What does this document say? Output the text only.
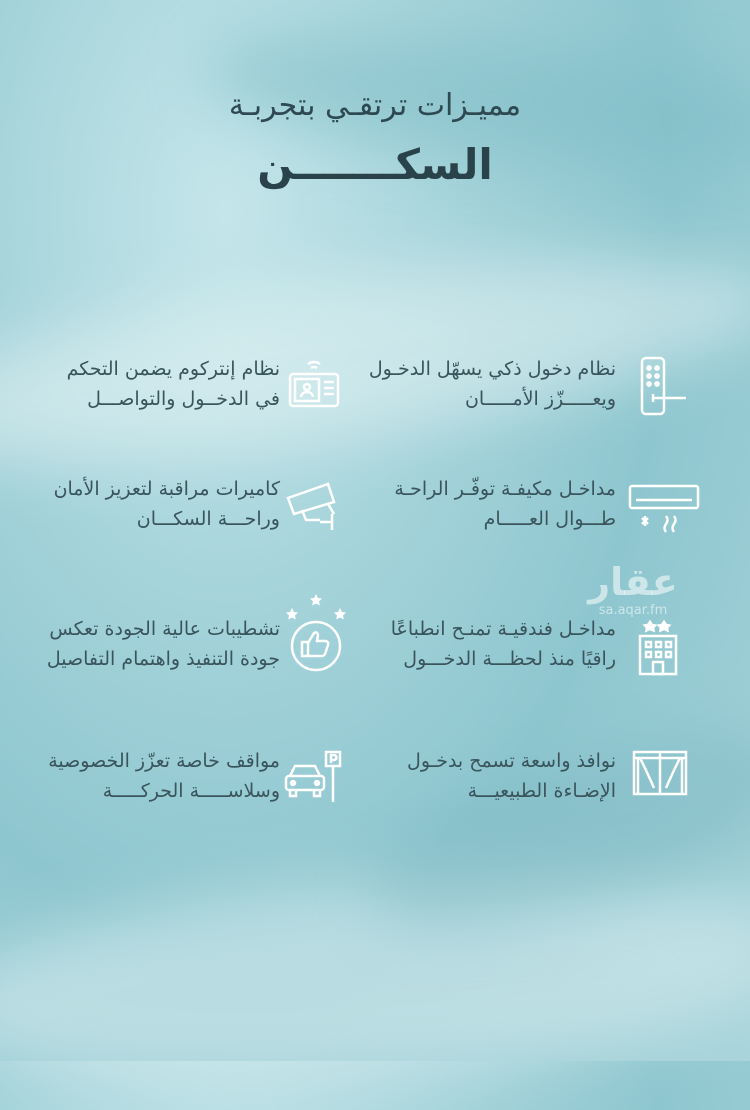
مميـزات ترتقـي بتجربـة
السكـــــــن
نظام دخول ذكي يسهّل الدخـول
ويعـــــزّز الأمـــــان
نظام إنتركوم يضمن التحكم
في الدخــول والتواصـــل
مداخـل مكيفـة توفّـر الراحـة
طـــوال العـــــام
كاميرات مراقبة لتعزيز الأمان
وراحـــة السكـــان
مداخـل فندقيـة تمنـح انطباعًا
راقيًا منذ لحظـــة الدخـــول
تشطيبات عالية الجودة تعكس
جودة التنفيذ واهتمام التفاصيل
نوافذ واسعة تسمح بدخـول
الإضـاءة الطبيعيـــة
مواقف خاصة تعزّز الخصوصية
وسلاســـــة الحركـــــة
عقار
sa.aqar.fm
